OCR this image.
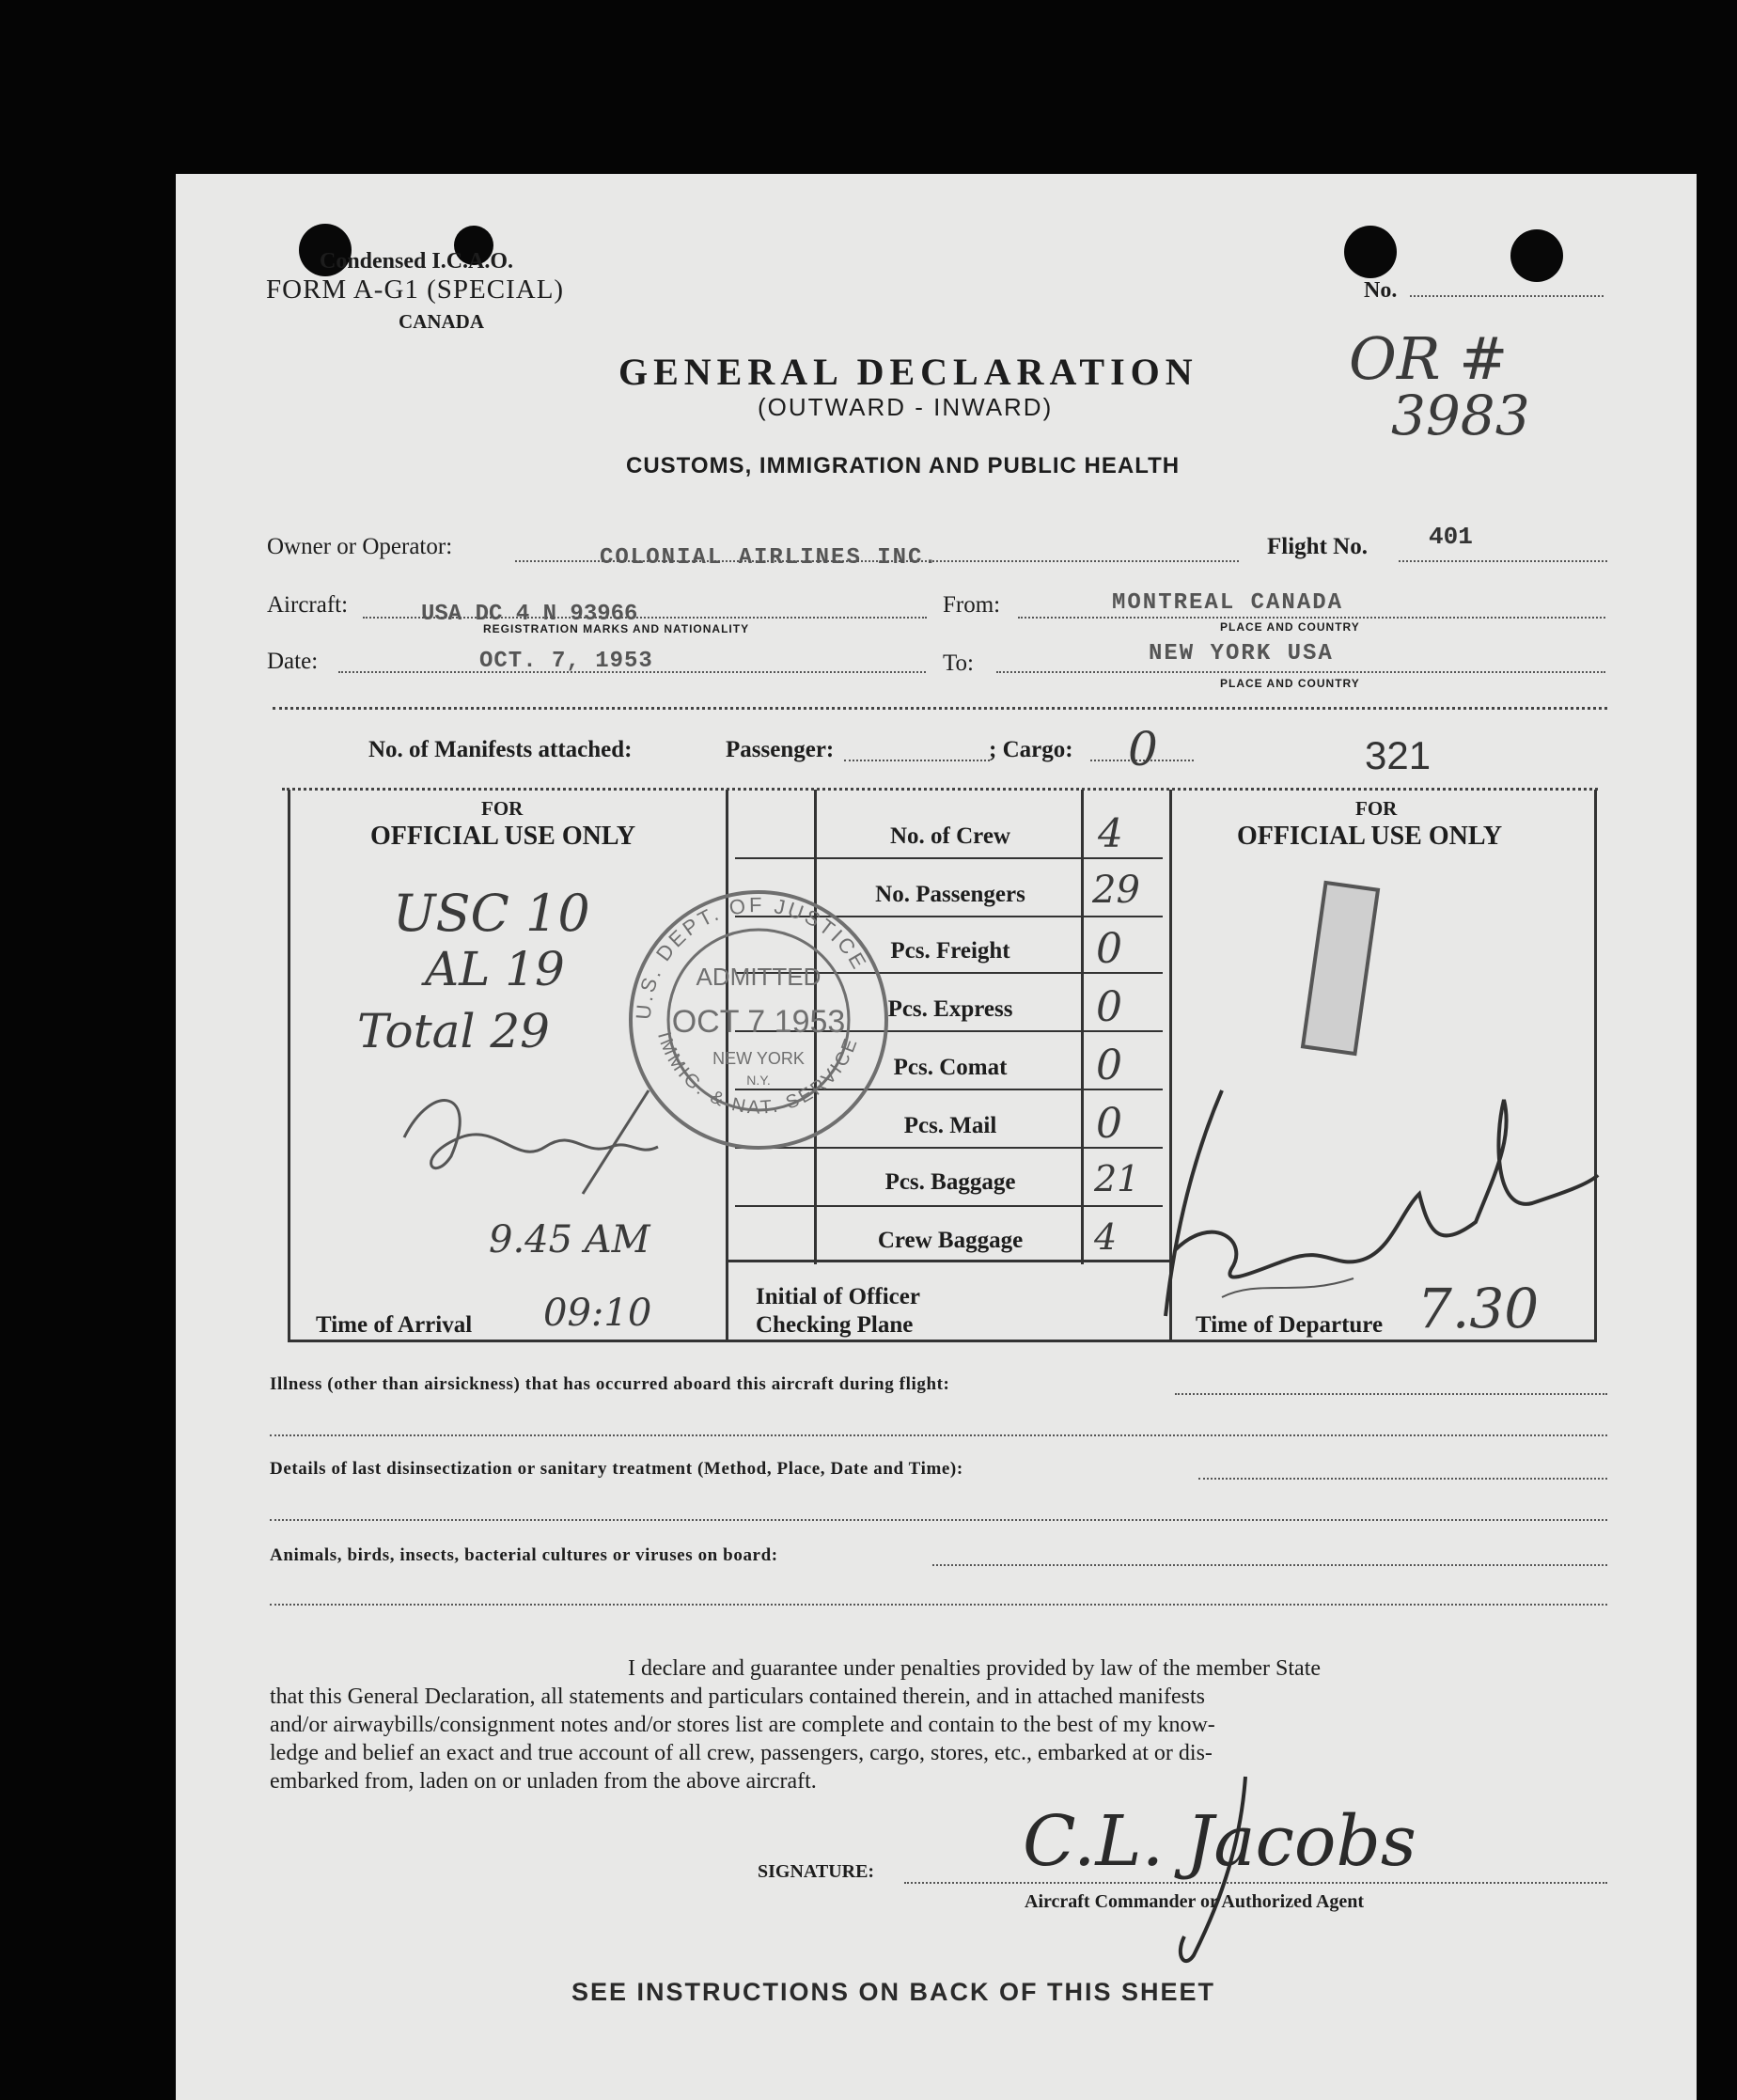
Condensed I.C.A.O.
FORM A-G1 (SPECIAL)
CANADA
No.
GENERAL DECLARATION
(OUTWARD - INWARD)
CUSTOMS, IMMIGRATION AND PUBLIC HEALTH
OR #
3983
Owner or Operator:	COLONIAL AIRLINES INC.	Flight No.	401
Aircraft:	USA DC 4 N 93966
REGISTRATION MARKS AND NATIONALITY
From:	MONTREAL CANADA
PLACE AND COUNTRY
Date:	OCT. 7, 1953	To:	NEW YORK USA
PLACE AND COUNTRY
No. of Manifests attached:	Passenger:	; Cargo: 0	321
FOR
OFFICIAL USE ONLY
FOR
OFFICIAL USE ONLY
No. of Crew	4
No. Passengers	29
Pcs. Freight	0
Pcs. Express	0
Pcs. Comat	0
Pcs. Mail	0
Pcs. Baggage	21
Crew Baggage	4
USC 10
AL 19
Total 29
9.45 AM
Time of Arrival 09:10	Initial of Officer
Checking Plane	Time of Departure 7.30
U.S. DEPT. OF JUSTICE
IMMIG. & NAT. SERVICE
ADMITTED
OCT 7 1953
NEW YORK
N.Y.
Illness (other than airsickness) that has occurred aboard this aircraft during flight:
Details of last disinsectization or sanitary treatment (Method, Place, Date and Time):
Animals, birds, insects, bacterial cultures or viruses on board:
I declare and guarantee under penalties provided by law of the member State
that this General Declaration, all statements and particulars contained therein, and in attached manifests
and/or airwaybills/consignment notes and/or stores list are complete and contain to the best of my know-
ledge and belief an exact and true account of all crew, passengers, cargo, stores, etc., embarked at or dis-
embarked from, laden on or unladen from the above aircraft.
SIGNATURE: C.L. Jacobs
Aircraft Commander or Authorized Agent
SEE INSTRUCTIONS ON BACK OF THIS SHEET
